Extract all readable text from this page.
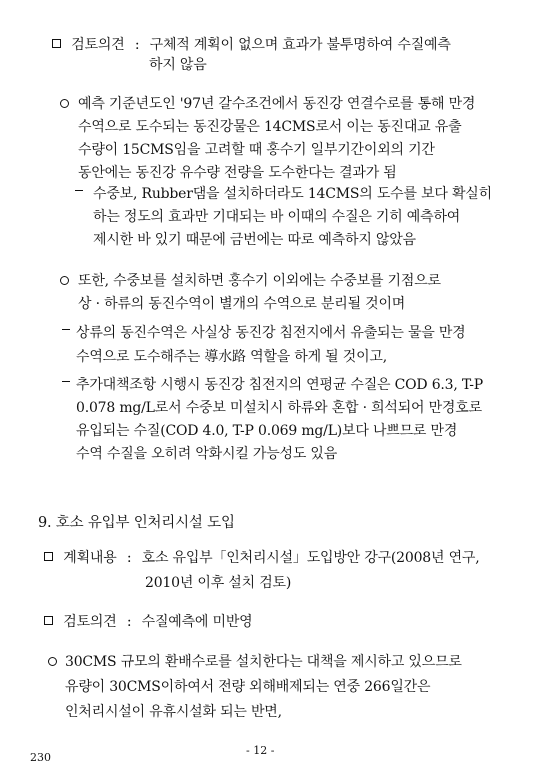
검토의견 : 구체적 계획이 없으며 효과가 불투명하여 수질예측
하지 않음
예측 기준년도인 '97년 갈수조건에서 동진강 연결수로를 통해 만경
수역으로 도수되는 동진강물은 14CMS로서 이는 동진대교 유출
수량이 15CMS임을 고려할 때 홍수기 일부기간이외의 기간
동안에는 동진강 유수량 전량을 도수한다는 결과가 됨
수중보, Rubber댐을 설치하더라도 14CMS의 도수를 보다 확실히
하는 정도의 효과만 기대되는 바 이때의 수질은 기히 예측하여
제시한 바 있기 때문에 금번에는 따로 예측하지 않았음
또한, 수중보를 설치하면 홍수기 이외에는 수중보를 기점으로
상 · 하류의 동진수역이 별개의 수역으로 분리될 것이며
상류의 동진수역은 사실상 동진강 침전지에서 유출되는 물을 만경
수역으로 도수해주는 導水路 역할을 하게 될 것이고,
추가대책조항 시행시 동진강 침전지의 연평균 수질은 COD 6.3, T-P
0.078 mg/L로서 수중보 미설치시 하류와 혼합 · 희석되어 만경호로
유입되는 수질(COD 4.0, T-P 0.069 mg/L)보다 나쁘므로 만경
수역 수질을 오히려 악화시킬 가능성도 있음
9. 호소 유입부 인처리시설 도입
계획내용 : 호소 유입부「인처리시설」도입방안 강구(2008년 연구,
2010년 이후 설치 검토)
검토의견 : 수질예측에 미반영
30CMS 규모의 환배수로를 설치한다는 대책을 제시하고 있으므로
유량이 30CMS이하여서 전량 외해배제되는 연중 266일간은
인처리시설이 유휴시설화 되는 반면,
230
- 12 -
